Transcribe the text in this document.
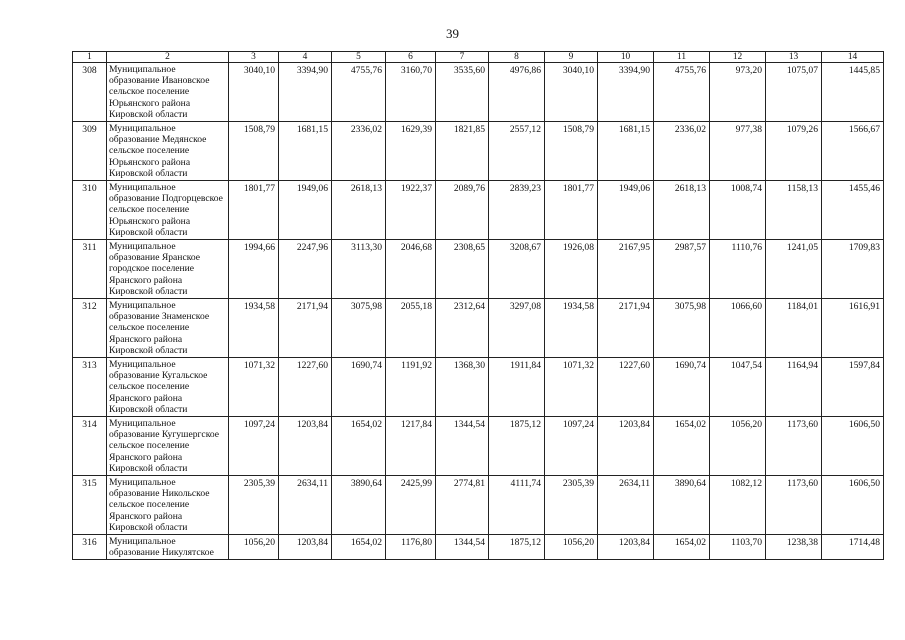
39
1	2	3	4	5	6	7	8	9	10	11	12	13	14
308	Муниципальное образование Ивановское сельское поселение Юрьянского района Кировской области	3040,10	3394,90	4755,76	3160,70	3535,60	4976,86	3040,10	3394,90	4755,76	973,20	1075,07	1445,85
309	Муниципальное образование Медянское сельское поселение Юрьянского района Кировской области	1508,79	1681,15	2336,02	1629,39	1821,85	2557,12	1508,79	1681,15	2336,02	977,38	1079,26	1566,67
310	Муниципальное образование Подгорцевское сельское поселение Юрьянского района Кировской области	1801,77	1949,06	2618,13	1922,37	2089,76	2839,23	1801,77	1949,06	2618,13	1008,74	1158,13	1455,46
311	Муниципальное образование Яранское городское поселение Яранского района Кировской области	1994,66	2247,96	3113,30	2046,68	2308,65	3208,67	1926,08	2167,95	2987,57	1110,76	1241,05	1709,83
312	Муниципальное образование Знаменское сельское поселение Яранского района Кировской области	1934,58	2171,94	3075,98	2055,18	2312,64	3297,08	1934,58	2171,94	3075,98	1066,60	1184,01	1616,91
313	Муниципальное образование Кугальское сельское поселение Яранского района Кировской области	1071,32	1227,60	1690,74	1191,92	1368,30	1911,84	1071,32	1227,60	1690,74	1047,54	1164,94	1597,84
314	Муниципальное образование Кугушергское сельское поселение Яранского района Кировской области	1097,24	1203,84	1654,02	1217,84	1344,54	1875,12	1097,24	1203,84	1654,02	1056,20	1173,60	1606,50
315	Муниципальное образование Никольское сельское поселение Яранского района Кировской области	2305,39	2634,11	3890,64	2425,99	2774,81	4111,74	2305,39	2634,11	3890,64	1082,12	1173,60	1606,50
316	Муниципальное образование Никулятское	1056,20	1203,84	1654,02	1176,80	1344,54	1875,12	1056,20	1203,84	1654,02	1103,70	1238,38	1714,48
